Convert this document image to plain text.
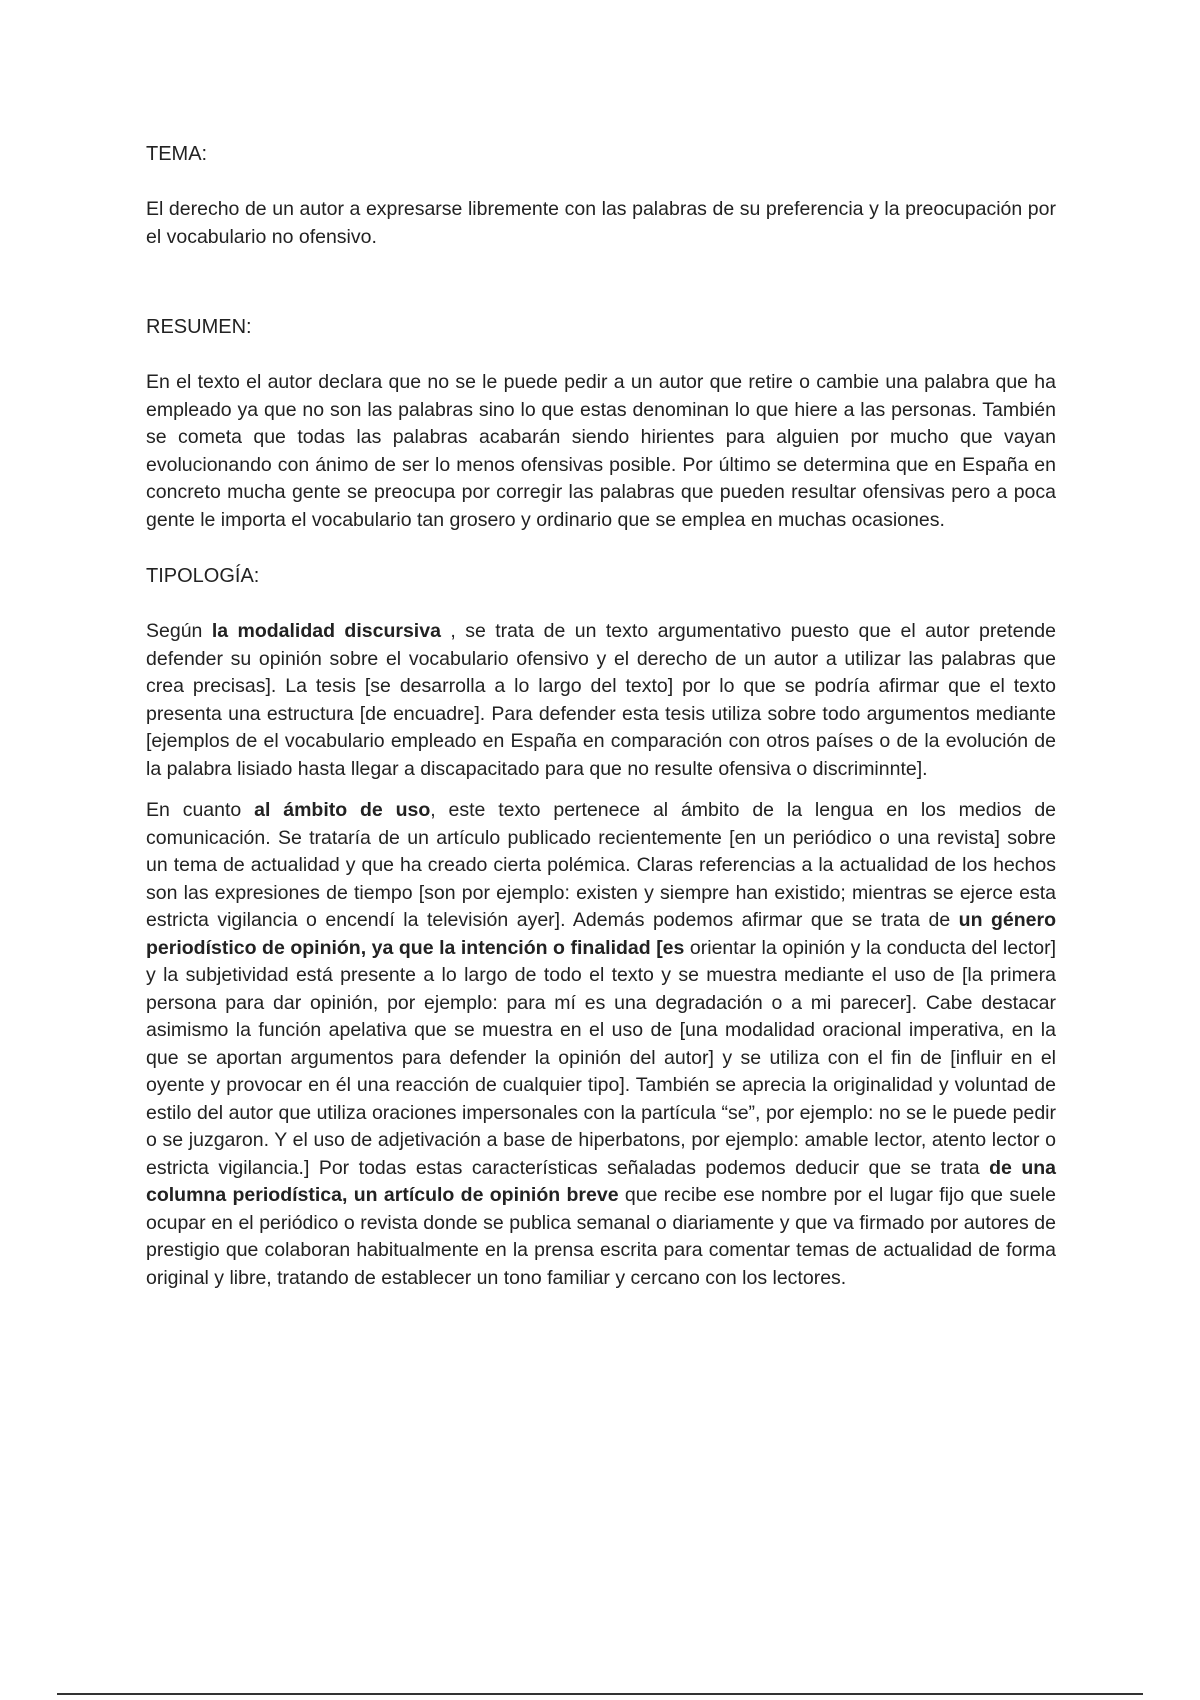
TEMA:

El derecho de un autor a expresarse libremente con las palabras de su preferencia y la preocupación por el vocabulario no ofensivo.

RESUMEN:

En el texto el autor declara que no se le puede pedir a un autor que retire o cambie una palabra que ha empleado ya que no son las palabras sino lo que estas denominan lo que hiere a las personas. También se cometa que todas las palabras acabarán siendo hirientes para alguien por mucho que vayan evolucionando con ánimo de ser lo menos ofensivas posible. Por último se determina que en España en concreto mucha gente se preocupa por corregir las palabras que pueden resultar ofensivas pero a poca gente le importa el vocabulario tan grosero y ordinario que se emplea en muchas ocasiones.

TIPOLOGÍA:

Según la modalidad discursiva , se trata de un texto argumentativo puesto que el autor pretende defender su opinión sobre el vocabulario ofensivo y el derecho de un autor a utilizar las palabras que crea precisas]. La tesis [se desarrolla a lo largo del texto] por lo que se podría afirmar que el texto presenta una estructura [de encuadre]. Para defender esta tesis utiliza sobre todo argumentos mediante [ejemplos de el vocabulario empleado en España en comparación con otros países o de la evolución de la palabra lisiado hasta llegar a discapacitado para que no resulte ofensiva o discriminnte].

En cuanto al ámbito de uso, este texto pertenece al ámbito de la lengua en los medios de comunicación. Se trataría de un artículo publicado recientemente [en un periódico o una revista] sobre un tema de actualidad y que ha creado cierta polémica. Claras referencias a la actualidad de los hechos son las expresiones de tiempo [son por ejemplo: existen y siempre han existido; mientras se ejerce esta estricta vigilancia o encendí la televisión ayer]. Además podemos afirmar que se trata de un género periodístico de opinión, ya que la intención o finalidad [es orientar la opinión y la conducta del lector] y la subjetividad está presente a lo largo de todo el texto y se muestra mediante el uso de [la primera persona para dar opinión, por ejemplo: para mí es una degradación o a mi parecer]. Cabe destacar asimismo la función apelativa que se muestra en el uso de [una modalidad oracional imperativa, en la que se aportan argumentos para defender la opinión del autor] y se utiliza con el fin de [influir en el oyente y provocar en él una reacción de cualquier tipo]. También se aprecia la originalidad y voluntad de estilo del autor que utiliza oraciones impersonales con la partícula “se”, por ejemplo: no se le puede pedir o se juzgaron. Y el uso de adjetivación a base de hiperbatons, por ejemplo: amable lector, atento lector o estricta vigilancia.] Por todas estas características señaladas podemos deducir que se trata de una columna periodística, un artículo de opinión breve que recibe ese nombre por el lugar fijo que suele ocupar en el periódico o revista donde se publica semanal o diariamente y que va firmado por autores de prestigio que colaboran habitualmente en la prensa escrita para comentar temas de actualidad de forma original y libre, tratando de establecer un tono familiar y cercano con los lectores.
